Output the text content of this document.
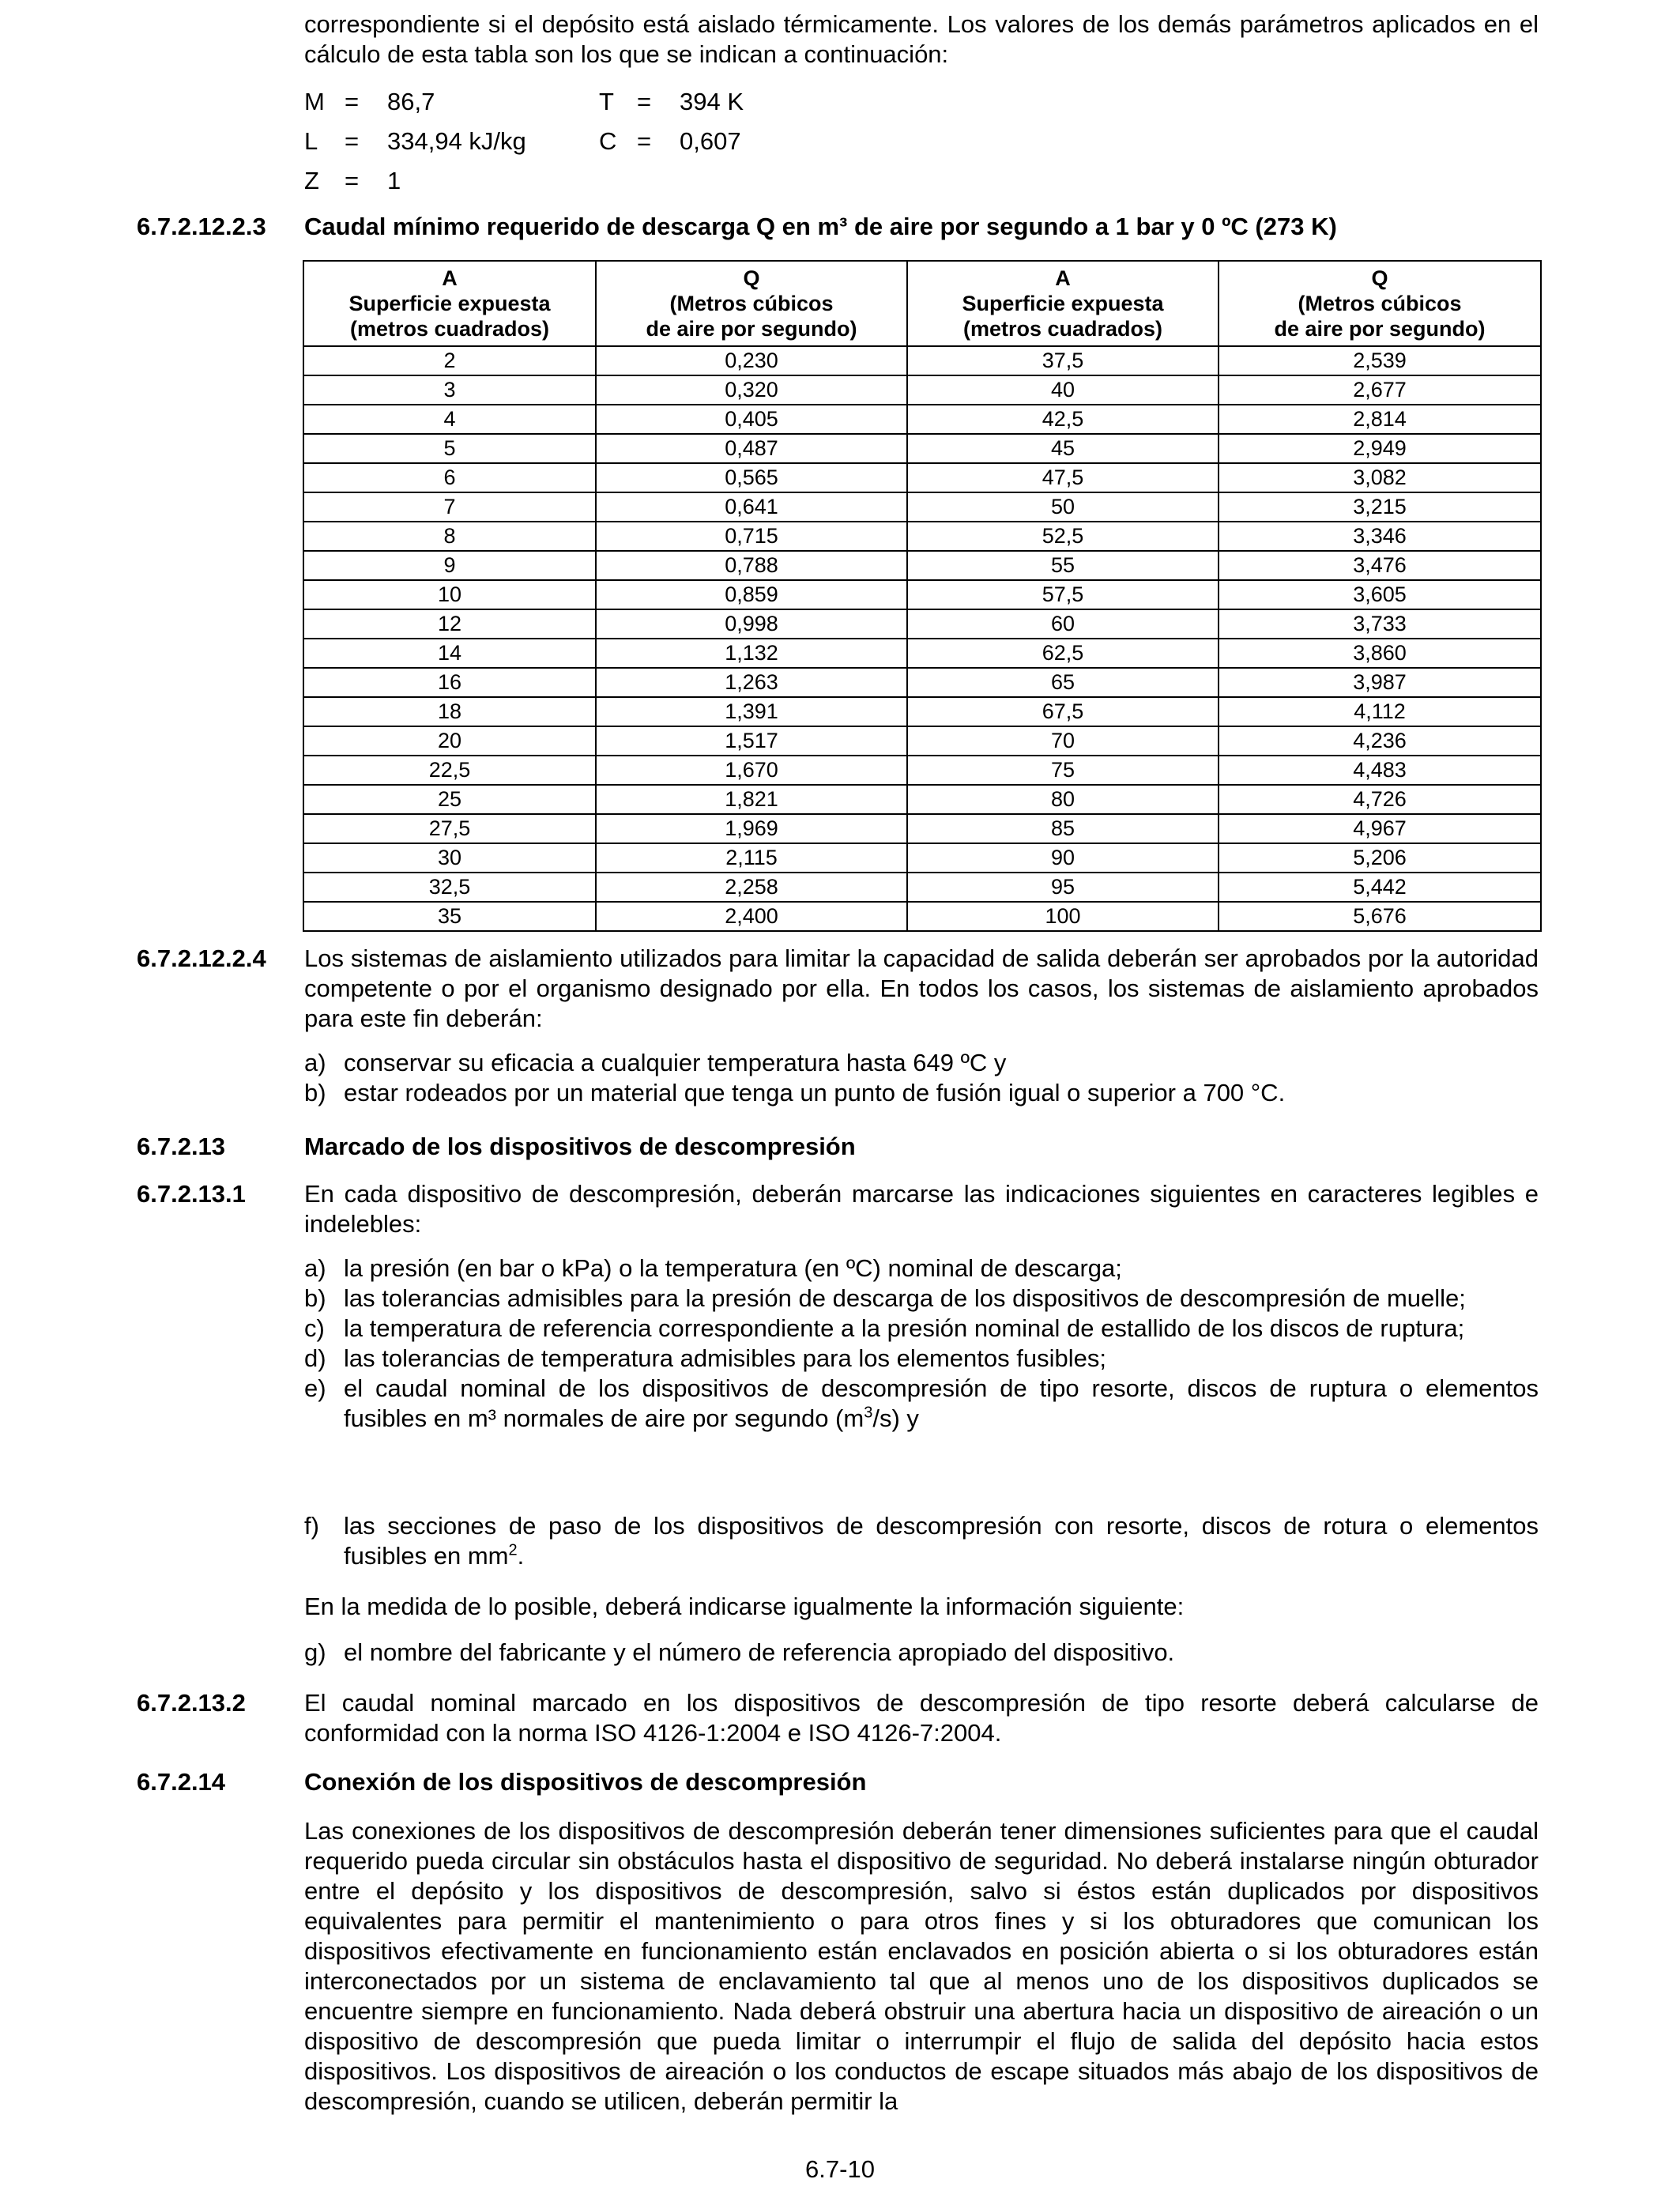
correspondiente si el depósito está aislado térmicamente. Los valores de los demás parámetros aplicados en el cálculo de esta tabla son los que se indican a continuación:
M = 86,7	T = 394 K
L = 334,94 kJ/kg	C = 0,607
Z = 1
6.7.2.12.2.3 Caudal mínimo requerido de descarga Q en m³ de aire por segundo a 1 bar y 0 ºC (273 K)
A
Superficie expuesta
(metros cuadrados)	Q
(Metros cúbicos
de aire por segundo)	A
Superficie expuesta
(metros cuadrados)	Q
(Metros cúbicos
de aire por segundo)
2	0,230	37,5	2,539
3	0,320	40	2,677
4	0,405	42,5	2,814
5	0,487	45	2,949
6	0,565	47,5	3,082
7	0,641	50	3,215
8	0,715	52,5	3,346
9	0,788	55	3,476
10	0,859	57,5	3,605
12	0,998	60	3,733
14	1,132	62,5	3,860
16	1,263	65	3,987
18	1,391	67,5	4,112
20	1,517	70	4,236
22,5	1,670	75	4,483
25	1,821	80	4,726
27,5	1,969	85	4,967
30	2,115	90	5,206
32,5	2,258	95	5,442
35	2,400	100	5,676
6.7.2.12.2.4 Los sistemas de aislamiento utilizados para limitar la capacidad de salida deberán ser aprobados por la autoridad competente o por el organismo designado por ella. En todos los casos, los sistemas de aislamiento aprobados para este fin deberán:
a) conservar su eficacia a cualquier temperatura hasta 649 ºC y
b) estar rodeados por un material que tenga un punto de fusión igual o superior a 700 °C.
6.7.2.13	Marcado de los dispositivos de descompresión
6.7.2.13.1 En cada dispositivo de descompresión, deberán marcarse las indicaciones siguientes en caracteres legibles e indelebles:
a) la presión (en bar o kPa) o la temperatura (en ºC) nominal de descarga;
b) las tolerancias admisibles para la presión de descarga de los dispositivos de descompresión de muelle;
c) la temperatura de referencia correspondiente a la presión nominal de estallido de los discos de ruptura;
d) las tolerancias de temperatura admisibles para los elementos fusibles;
e) el caudal nominal de los dispositivos de descompresión de tipo resorte, discos de ruptura o elementos fusibles en m³ normales de aire por segundo $(m^3/s)$ y
f) las secciones de paso de los dispositivos de descompresión con resorte, discos de rotura o elementos fusibles en $mm^2$.
En la medida de lo posible, deberá indicarse igualmente la información siguiente:
g) el nombre del fabricante y el número de referencia apropiado del dispositivo.
6.7.2.13.2 El caudal nominal marcado en los dispositivos de descompresión de tipo resorte deberá calcularse de conformidad con la norma ISO 4126-1:2004 e ISO 4126-7:2004.
6.7.2.14	Conexión de los dispositivos de descompresión
Las conexiones de los dispositivos de descompresión deberán tener dimensiones suficientes para que el caudal requerido pueda circular sin obstáculos hasta el dispositivo de seguridad. No deberá instalarse ningún obturador entre el depósito y los dispositivos de descompresión, salvo si éstos están duplicados por dispositivos equivalentes para permitir el mantenimiento o para otros fines y si los obturadores que comunican los dispositivos efectivamente en funcionamiento están enclavados en posición abierta o si los obturadores están interconectados por un sistema de enclavamiento tal que al menos uno de los dispositivos duplicados se encuentre siempre en funcionamiento. Nada deberá obstruir una abertura hacia un dispositivo de aireación o un dispositivo de descompresión que pueda limitar o interrumpir el flujo de salida del depósito hacia estos dispositivos. Los dispositivos de aireación o los conductos de escape situados más abajo de los dispositivos de descompresión, cuando se utilicen, deberán permitir la
6.7-10
